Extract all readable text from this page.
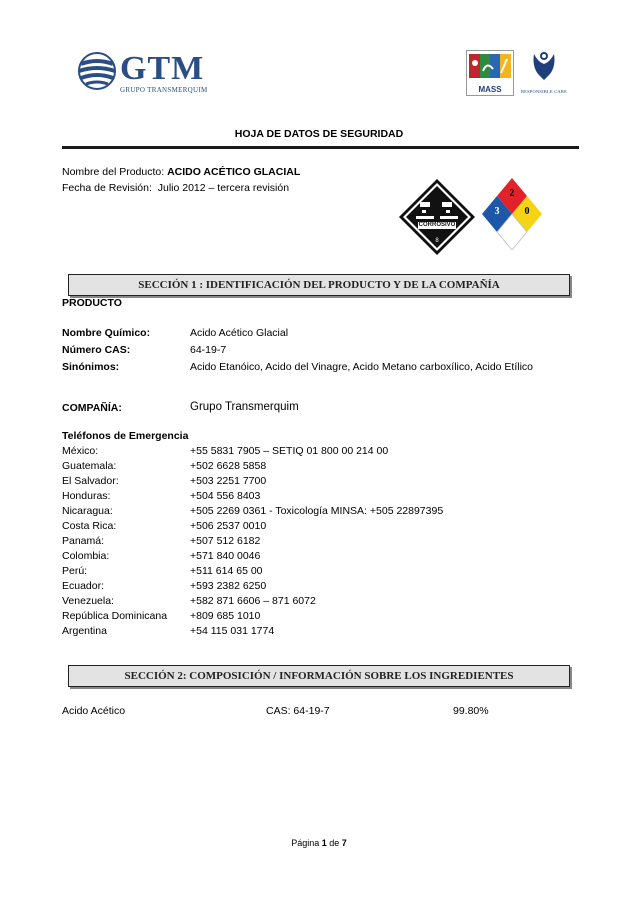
GTM
GRUPO TRANSMERQUIM	MASS	RESPONSIBLE CARE
HOJA DE DATOS DE SEGURIDAD
Nombre del Producto: ACIDO ACÉTICO GLACIAL
Fecha de Revisión: Julio 2012 – tercera revisión
CORROSIVO
8
2
3	0
SECCIÓN 1 : IDENTIFICACIÓN DEL PRODUCTO Y DE LA COMPAÑÍA
PRODUCTO
Nombre Químico:	Acido Acético Glacial
Número CAS:	64-19-7
Sinónimos:	Acido Etanóico, Acido del Vinagre, Acido Metano carboxílico, Acido Etílico
COMPAÑÍA:	Grupo Transmerquim
Teléfonos de Emergencia
México:	+55 5831 7905 – SETIQ 01 800 00 214 00
Guatemala:	+502 6628 5858
El Salvador:	+503 2251 7700
Honduras:	+504 556 8403
Nicaragua:	+505 2269 0361 - Toxicología MINSA: +505 22897395
Costa Rica:	+506 2537 0010
Panamá:	+507 512 6182
Colombia:	+571 840 0046
Perú:	+511 614 65 00
Ecuador:	+593 2382 6250
Venezuela:	+582 871 6606 – 871 6072
República Dominicana +809 685 1010
Argentina	+54 115 031 1774
SECCIÓN 2: COMPOSICIÓN / INFORMACIÓN SOBRE LOS INGREDIENTES
Acido Acético	CAS: 64-19-7	99.80%
Página 1 de 7
